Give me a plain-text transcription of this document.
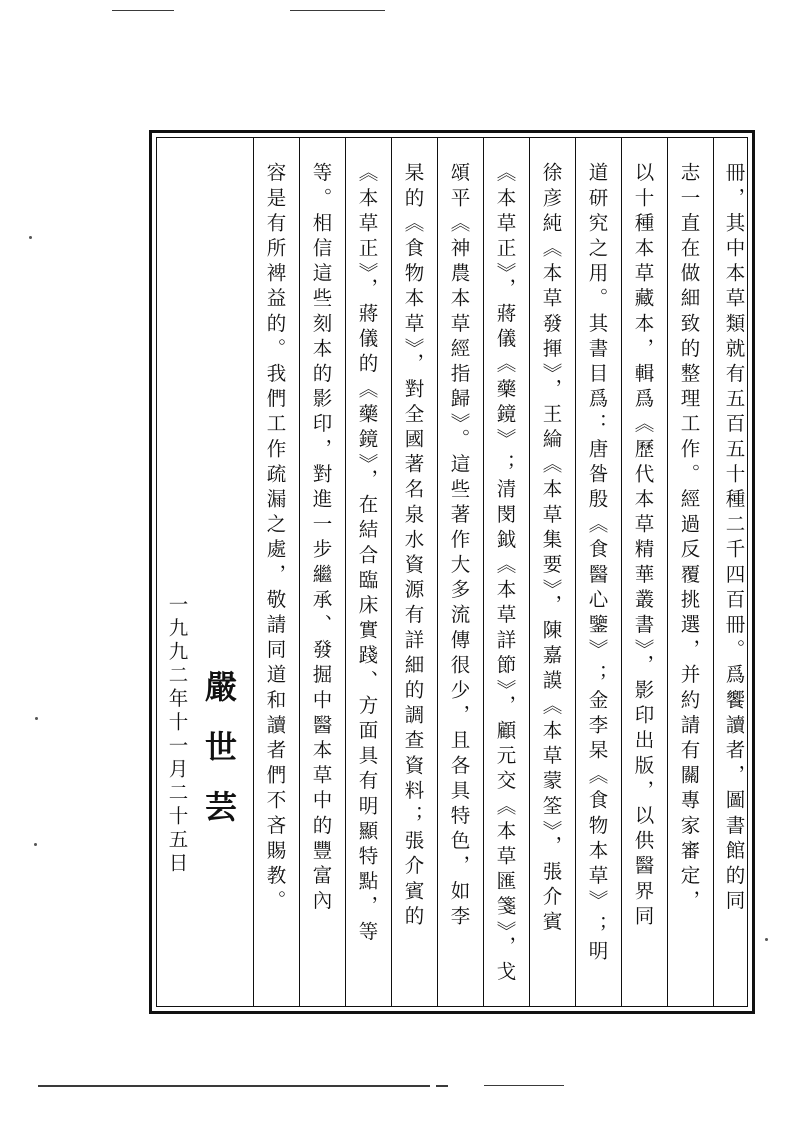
一九九二年十一月二十五日 嚴世芸 容是有所裨益的。我們工作疏漏之處，敬請同道和讀者們不吝賜教。 等。相信這些刻本的影印，對進一步繼承、發掘中醫本草中的豐富內 《本草正》，蔣儀的《藥鏡》，在結合臨床實踐、方面具有明顯特點，等 杲的《食物本草》，對全國著名泉水資源有詳細的調查資料；張介賓的 頌平《神農本草經指歸》。這些著作大多流傳很少，且各具特色，如李 《本草正》，蔣儀《藥鏡》；清閔鉞《本草詳節》，顧元交《本草匯箋》，戈 徐彦純《本草發揮》，王綸《本草集要》，陳嘉謨《本草蒙筌》，張介賓 道研究之用。其書目爲：唐昝殷《食醫心鑒》；金李杲《食物本草》；明 以十種本草藏本，輯爲《歷代本草精華叢書》，影印出版，以供醫界同 志一直在做細致的整理工作。經過反覆挑選，并約請有關專家審定， 冊，其中本草類就有五百五十種二千四百冊。爲饗讀者，圖書館的同
